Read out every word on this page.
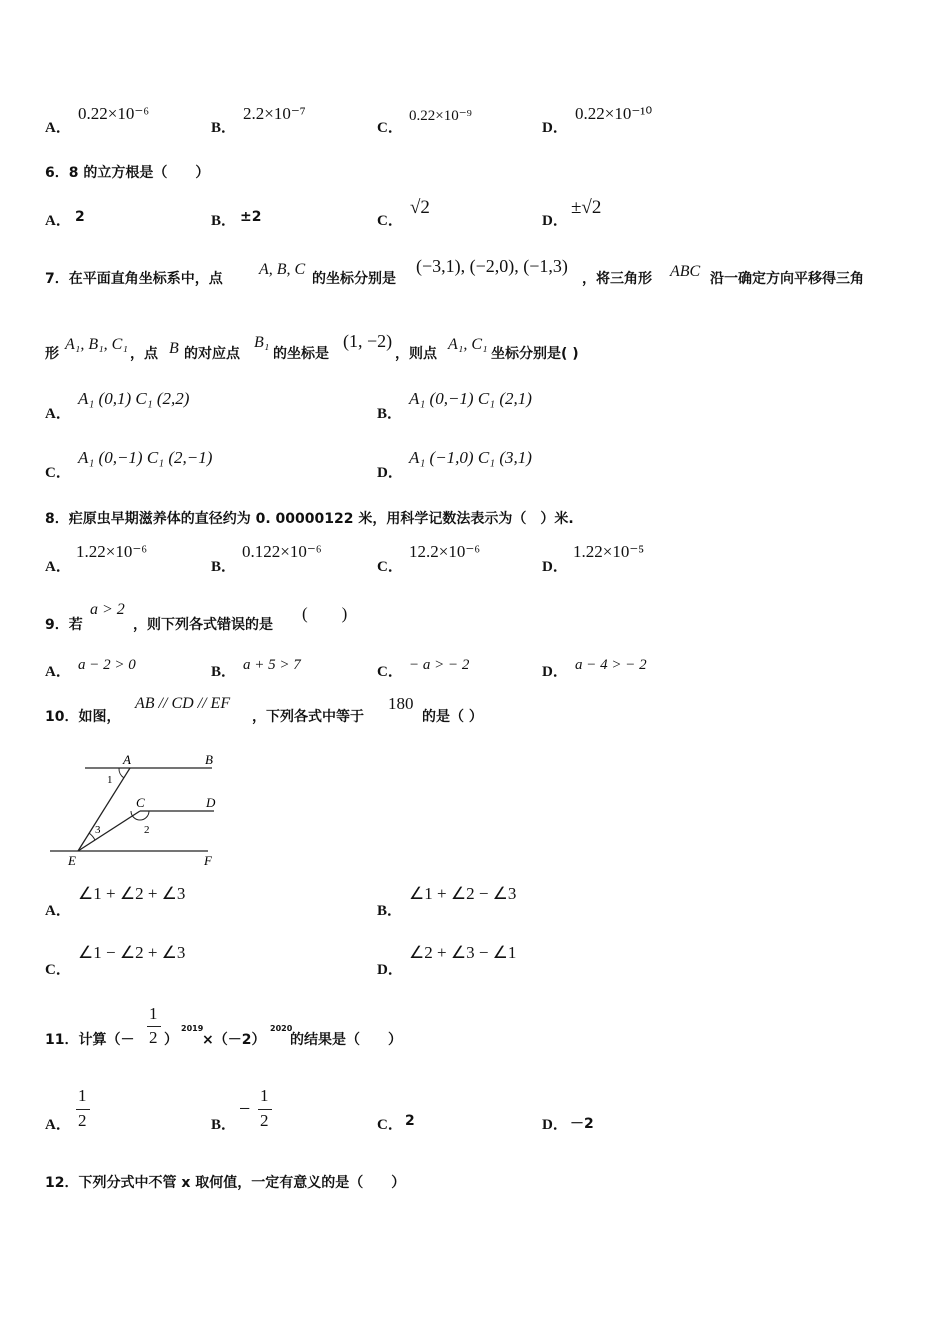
A．
0.22×10⁻⁶
B．
2.2×10⁻⁷
C．
0.22×10⁻⁹
D．
0.22×10⁻¹⁰
6．8 的立方根是（　　）
A． 2	B． ±2	C．
√2
D．
±√2
7．在平面直角坐标系中，点
A, B, C
的坐标分别是
(−3,1), (−2,0), (−1,3)
，将三角形 ABC 沿一确定方向平移得三角
形
A₁, B₁, C₁
，点 B 的对应点
B₁
的坐标是
(1, −2)
，则点
A₁, C₁
坐标分别是( )
A．
A₁ (0,1) C₁ (2,2)
B．
A₁ (0,−1) C₁ (2,1)
C．
A₁ (0,−1) C₁ (2,−1)
D．
A₁ (−1,0) C₁ (3,1)
8．疟原虫早期滋养体的直径约为 0. 00000122 米，用科学记数法表示为（　）米.
A．
1.22×10⁻⁶
B．
0.122×10⁻⁶
C．
12.2×10⁻⁶
D．
1.22×10⁻⁵
9．若
a > 2
，则下列各式错误的是
(　　)
A． a − 2 > 0	B． a + 5 > 7	C． − a > − 2	D． a − 4 > − 2
10．如图，
AB // CD // EF
，下列各式中等于
180
的是（ ）
A	B
C	D
E	F
1
2
3
A．
∠1 + ∠2 + ∠3
B．
∠1 + ∠2 − ∠3
C．
∠1 − ∠2 + ∠3
D．
∠2 + ∠3 − ∠1
11．计算（－
1
2 ）
2019
×（－2）
2020
的结果是（　　）
A．
1
2	B．
−
1
2	C． 2	D． －2
12．下列分式中不管 x 取何值，一定有意义的是（　　）
